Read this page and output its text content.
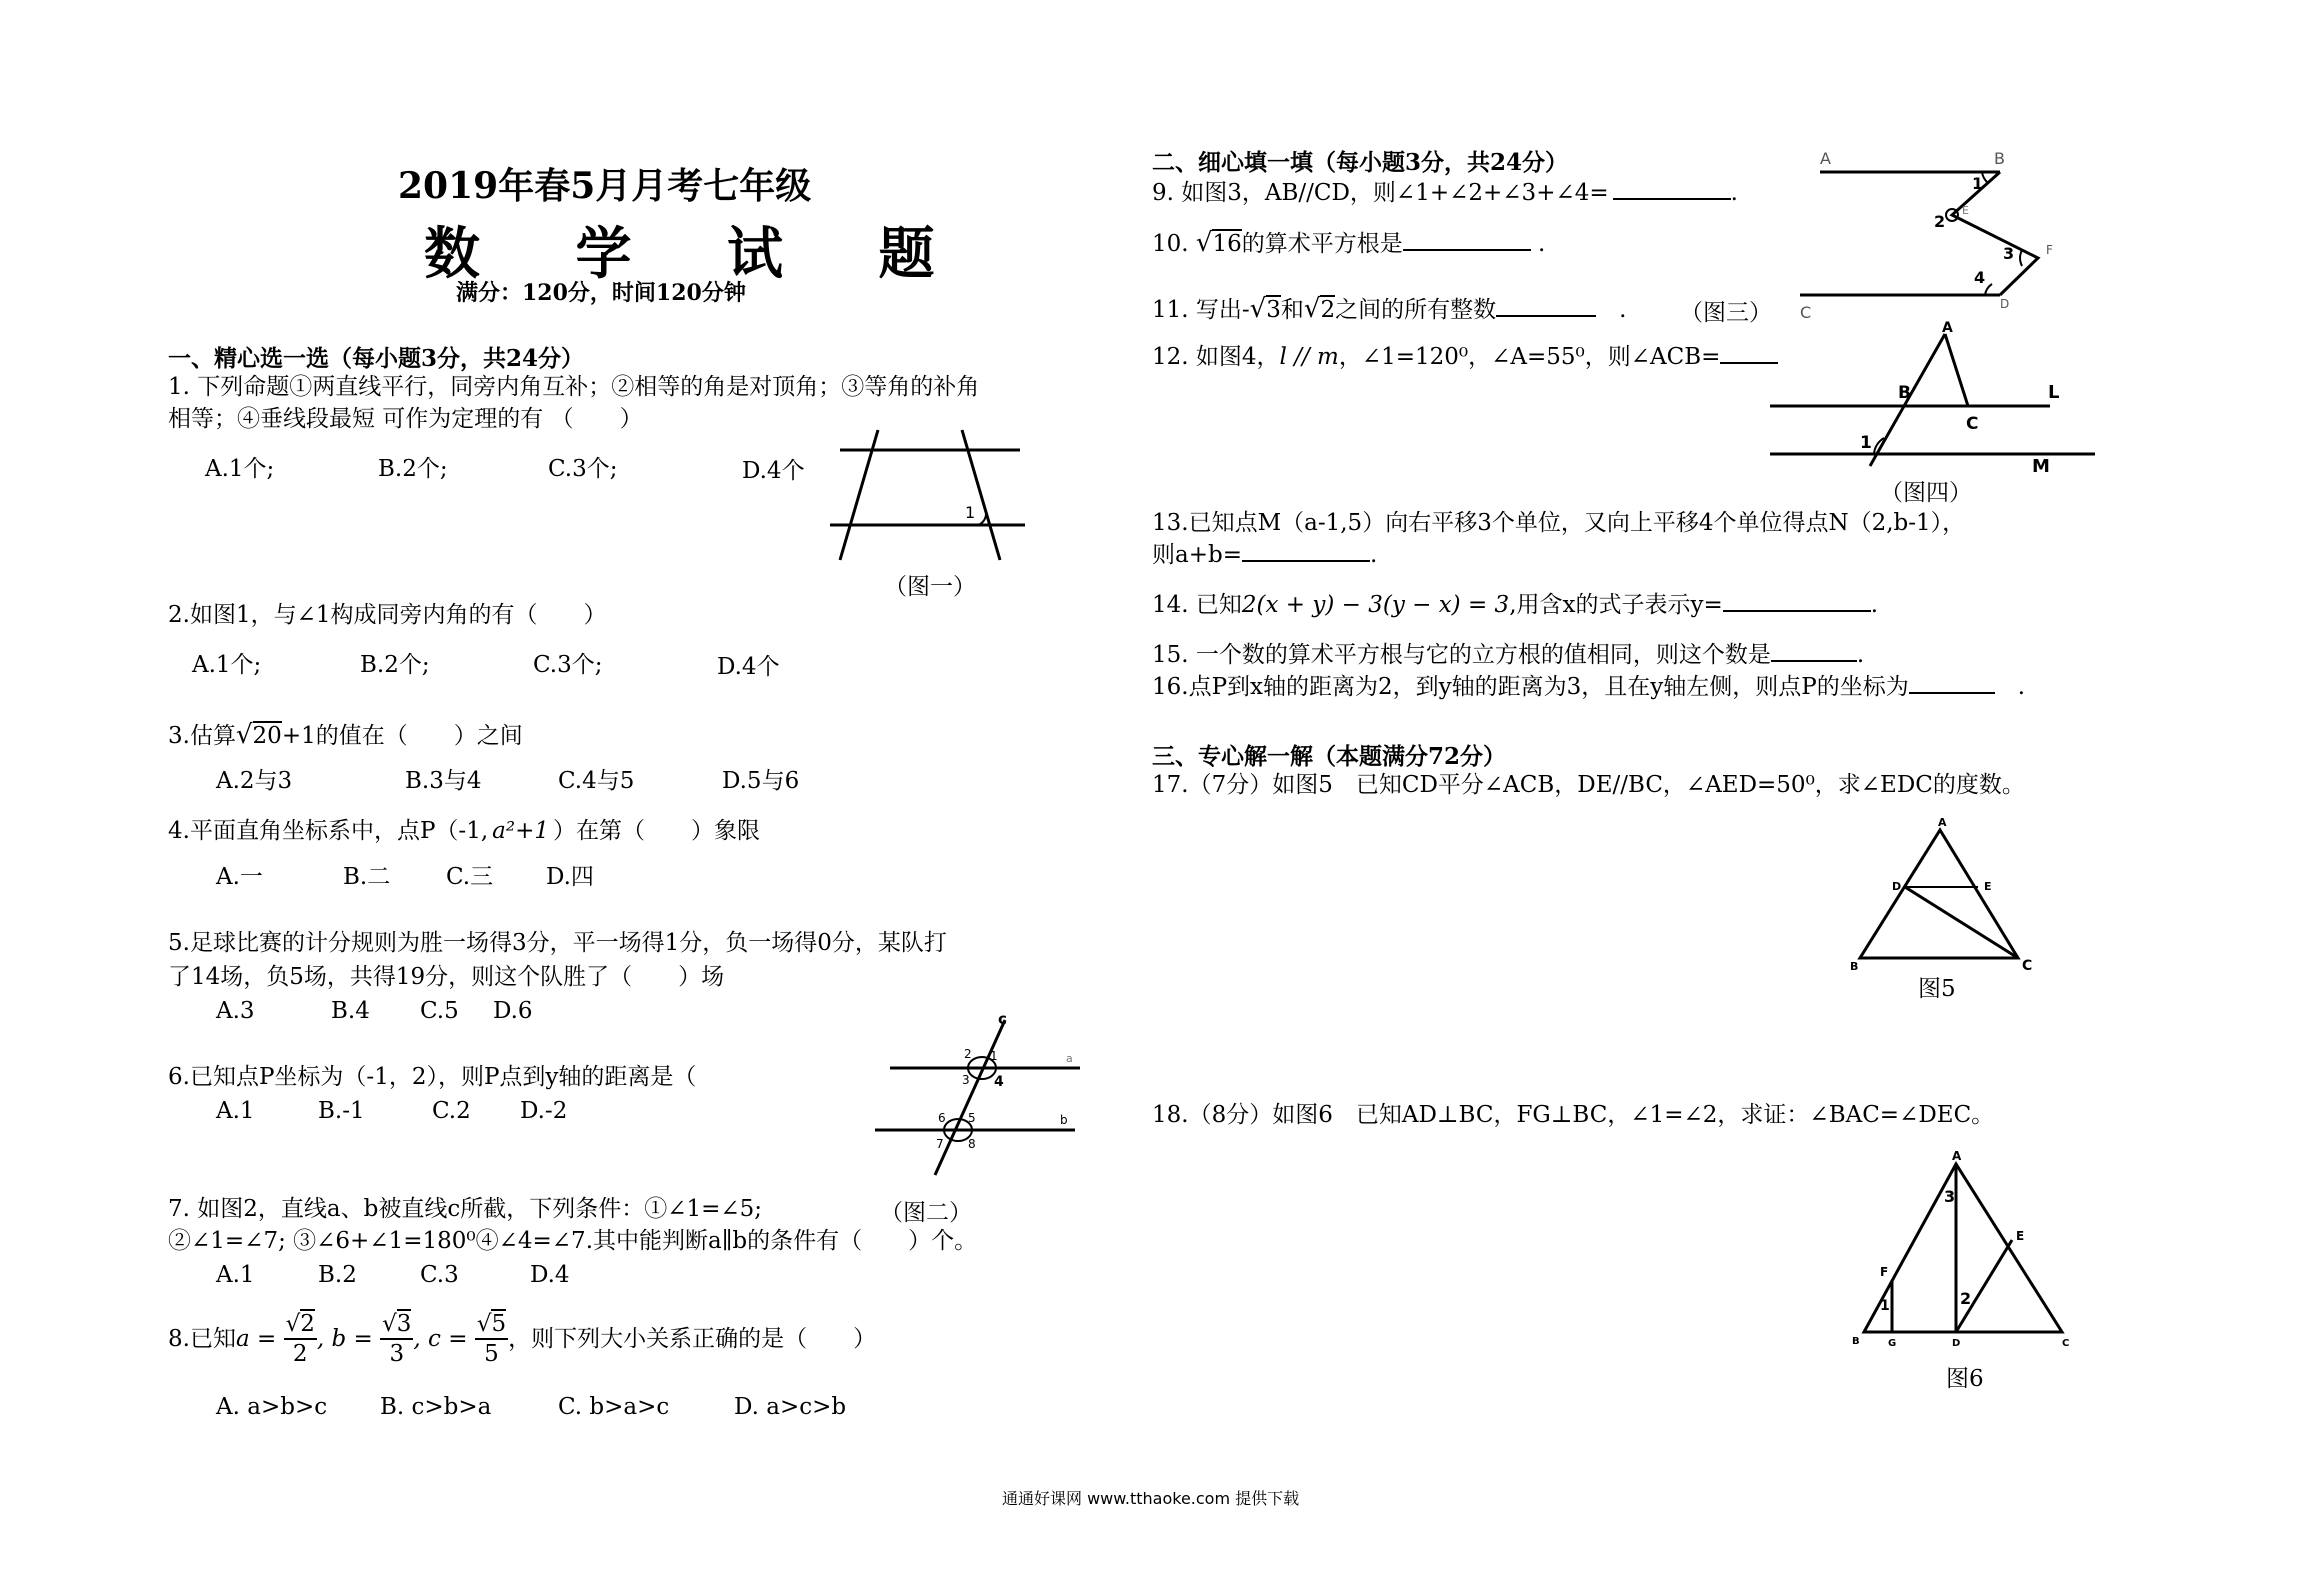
2019年春5月月考七年级
数 学 试 题
满分：120分，时间120分钟
一、精心选一选（每小题3分，共24分）
1. 下列命题①两直线平行，同旁内角互补；②相等的角是对顶角；③等角的补角
相等；④垂线段最短 可作为定理的有 （　　）
A.1个;	B.2个;	C.3个;	D.4个
1
（图一）
2.如图1，与∠1构成同旁内角的有（　　）
A.1个;	B.2个;	C.3个;	D.4个
3.估算√20+1的值在（　　）之间
A.2与3	B.3与4	C.4与5	D.5与6
4.平面直角坐标系中，点P（-1, a²+1 ）在第（　　）象限
A.一	B.二 C.三 D.四
5.足球比赛的计分规则为胜一场得3分，平一场得1分，负一场得0分，某队打
了14场，负5场，共得19分，则这个队胜了（　　）场
A.3	B.4 C.5 D.6	c
1
2
3 4
a
5
6
7 8
b
6.已知点P坐标为（-1，2），则P点到y轴的距离是（
A.1	B.-1	C.2 D.-2
7. 如图2，直线a、b被直线c所截，下列条件：①∠1=∠5;	（图二）
②∠1=∠7; ③∠6+∠1=180⁰④∠4=∠7.其中能判断a∥b的条件有（　　）个。
A.1	B.2	C.3	D.4
8.已知$a = \frac{√2}{2}$ , $b = \frac{√3}{3}$ , $c = \frac{√5}{5}$ ，则下列大小关系正确的是（　　）
A. a>b>c B. c>b>a	C. b>a>c	D. a>c>b
二、细心填一填（每小题3分，共24分）
9. 如图3，AB//CD，则∠1+∠2+∠3+∠4=	.
10. √16的算术平方根是	.
11. 写出-√3和√2之间的所有整数	　. （图三）
A	B
1
2
E
3	F
4
C	D
12. 如图4，l // m，∠1=120⁰，∠A=55⁰，则∠ACB=
A
B
C
1
L
M
（图四）
13.已知点M（a-1,5）向右平移3个单位，又向上平移4个单位得点N（2,b-1），
则a+b=	.
14. 已知2(x + y) − 3(y − x) = 3,用含x的式子表示y=	.
15. 一个数的算术平方根与它的立方根的值相同，则这个数是	.
16.点P到x轴的距离为2，到y轴的距离为3，且在y轴左侧，则点P的坐标为	　.
三、专心解一解（本题满分72分）
17.（7分）如图5　已知CD平分∠ACB，DE//BC，∠AED=50⁰，求∠EDC的度数。
A
D	E
B	C
图5
18.（8分）如图6　已知AD⊥BC，FG⊥BC，∠1=∠2，求证：∠BAC=∠DEC。
A
3
F
E
1	2
B	G	D	C
图6
通通好课网 www.tthaoke.com 提供下载
